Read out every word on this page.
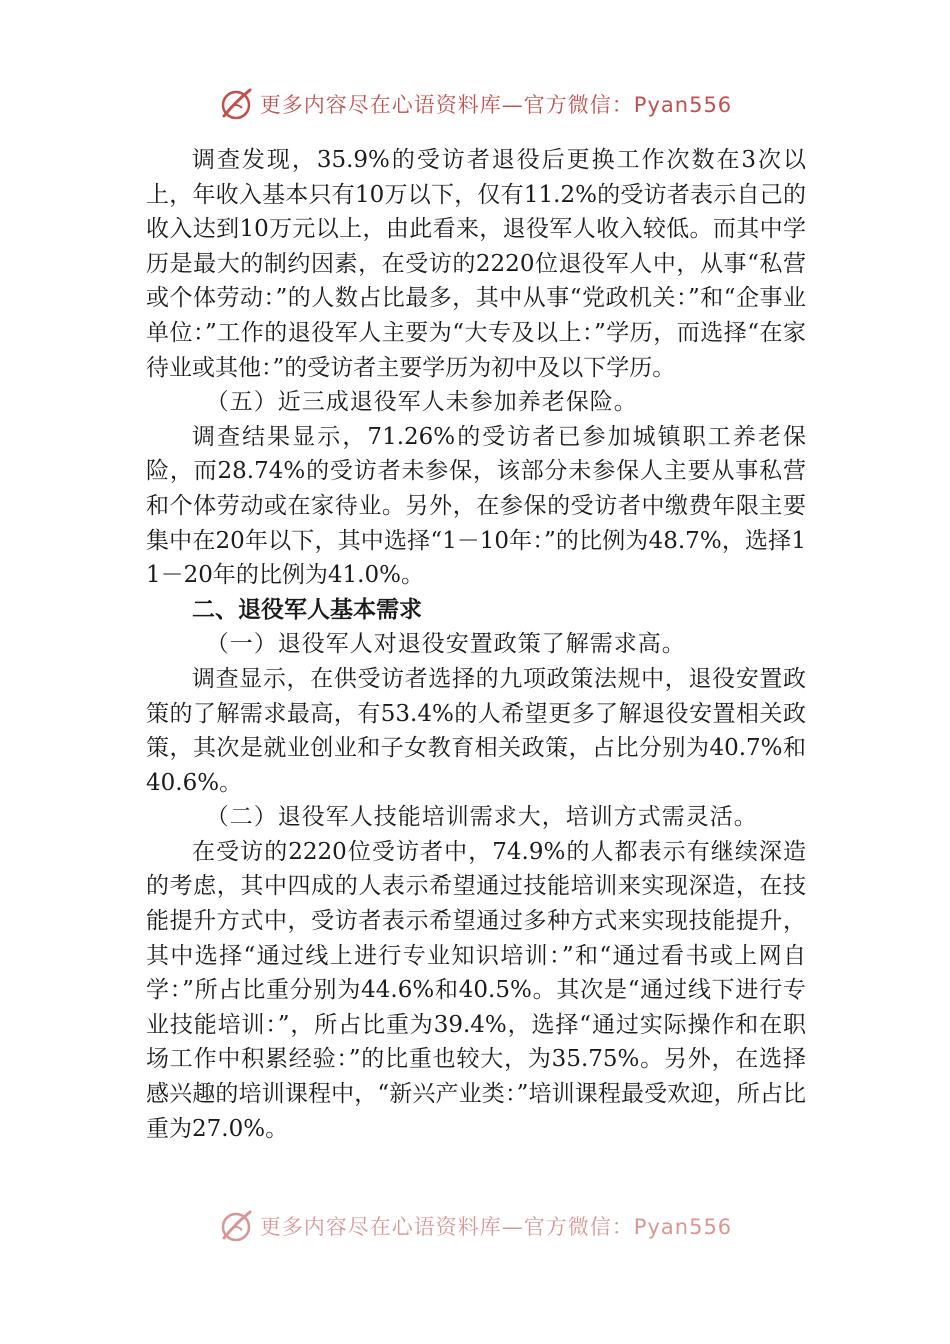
更多内容尽在心语资料库—官方微信：Pyan556

调查发现，35.9%的受访者退役后更换工作次数在3次以上，年收入基本只有10万以下，仅有11.2%的受访者表示自己的收入达到10万元以上，由此看来，退役军人收入较低。而其中学历是最大的制约因素，在受访的2220位退役军人中，从事“私营或个体劳动：”的人数占比最多，其中从事“党政机关：”和“企事业单位：”工作的退役军人主要为“大专及以上：”学历，而选择“在家待业或其他：”的受访者主要学历为初中及以下学历。

（五）近三成退役军人未参加养老保险。

调查结果显示，71.26%的受访者已参加城镇职工养老保险，而28.74%的受访者未参保，该部分未参保人主要从事私营和个体劳动或在家待业。另外，在参保的受访者中缴费年限主要集中在20年以下，其中选择“1－10年：”的比例为48.7%，选择11－20年的比例为41.0%。

二、退役军人基本需求

（一）退役军人对退役安置政策了解需求高。

调查显示，在供受访者选择的九项政策法规中，退役安置政策的了解需求最高，有53.4%的人希望更多了解退役安置相关政策，其次是就业创业和子女教育相关政策，占比分别为40.7%和40.6%。

（二）退役军人技能培训需求大，培训方式需灵活。

在受访的2220位受访者中，74.9%的人都表示有继续深造的考虑，其中四成的人表示希望通过技能培训来实现深造，在技能提升方式中，受访者表示希望通过多种方式来实现技能提升，其中选择“通过线上进行专业知识培训：”和“通过看书或上网自学：”所占比重分别为44.6%和40.5%。其次是“通过线下进行专业技能培训：”，所占比重为39.4%，选择“通过实际操作和在职场工作中积累经验：”的比重也较大，为35.75%。另外，在选择感兴趣的培训课程中，“新兴产业类：”培训课程最受欢迎，所占比重为27.0%。

更多内容尽在心语资料库—官方微信：Pyan556
